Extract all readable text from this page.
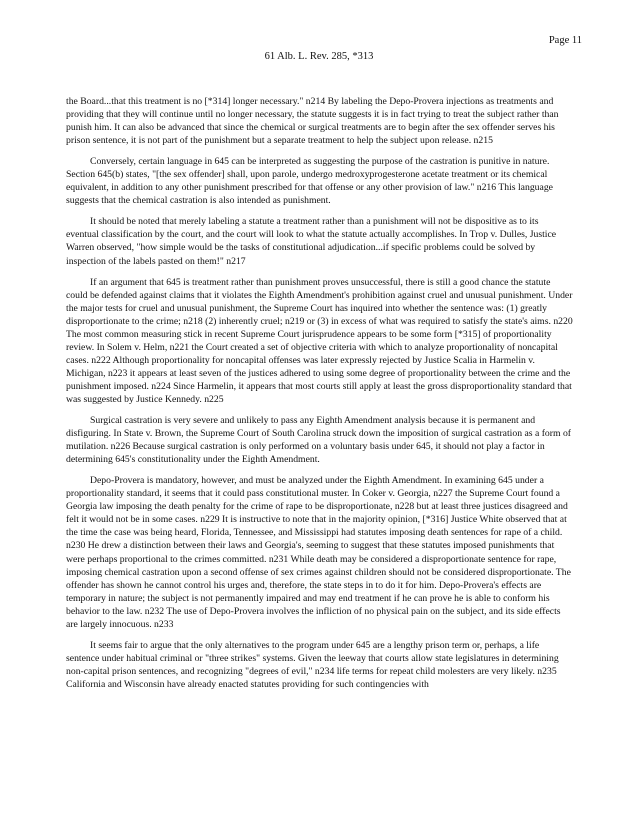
Page 11
61 Alb. L. Rev. 285, *313

the Board...that this treatment is no [*314] longer necessary." n214 By labeling the Depo-Provera injections as treatments and providing that they will continue until no longer necessary, the statute suggests it is in fact trying to treat the subject rather than punish him. It can also be advanced that since the chemical or surgical treatments are to begin after the sex offender serves his prison sentence, it is not part of the punishment but a separate treatment to help the subject upon release. n215

Conversely, certain language in 645 can be interpreted as suggesting the purpose of the castration is punitive in nature. Section 645(b) states, "[the sex offender] shall, upon parole, undergo medroxyprogesterone acetate treatment or its chemical equivalent, in addition to any other punishment prescribed for that offense or any other provision of law." n216 This language suggests that the chemical castration is also intended as punishment.

It should be noted that merely labeling a statute a treatment rather than a punishment will not be dispositive as to its eventual classification by the court, and the court will look to what the statute actually accomplishes. In Trop v. Dulles, Justice Warren observed, "how simple would be the tasks of constitutional adjudication...if specific problems could be solved by inspection of the labels pasted on them!" n217

If an argument that 645 is treatment rather than punishment proves unsuccessful, there is still a good chance the statute could be defended against claims that it violates the Eighth Amendment's prohibition against cruel and unusual punishment. Under the major tests for cruel and unusual punishment, the Supreme Court has inquired into whether the sentence was: (1) greatly disproportionate to the crime; n218 (2) inherently cruel; n219 or (3) in excess of what was required to satisfy the state's aims. n220 The most common measuring stick in recent Supreme Court jurisprudence appears to be some form [*315] of proportionality review. In Solem v. Helm, n221 the Court created a set of objective criteria with which to analyze proportionality of noncapital cases. n222 Although proportionality for noncapital offenses was later expressly rejected by Justice Scalia in Harmelin v. Michigan, n223 it appears at least seven of the justices adhered to using some degree of proportionality between the crime and the punishment imposed. n224 Since Harmelin, it appears that most courts still apply at least the gross disproportionality standard that was suggested by Justice Kennedy. n225

Surgical castration is very severe and unlikely to pass any Eighth Amendment analysis because it is permanent and disfiguring. In State v. Brown, the Supreme Court of South Carolina struck down the imposition of surgical castration as a form of mutilation. n226 Because surgical castration is only performed on a voluntary basis under 645, it should not play a factor in determining 645's constitutionality under the Eighth Amendment.

Depo-Provera is mandatory, however, and must be analyzed under the Eighth Amendment. In examining 645 under a proportionality standard, it seems that it could pass constitutional muster. In Coker v. Georgia, n227 the Supreme Court found a Georgia law imposing the death penalty for the crime of rape to be disproportionate, n228 but at least three justices disagreed and felt it would not be in some cases. n229 It is instructive to note that in the majority opinion, [*316] Justice White observed that at the time the case was being heard, Florida, Tennessee, and Mississippi had statutes imposing death sentences for rape of a child. n230 He drew a distinction between their laws and Georgia's, seeming to suggest that these statutes imposed punishments that were perhaps proportional to the crimes committed. n231 While death may be considered a disproportionate sentence for rape, imposing chemical castration upon a second offense of sex crimes against children should not be considered disproportionate. The offender has shown he cannot control his urges and, therefore, the state steps in to do it for him. Depo-Provera's effects are temporary in nature; the subject is not permanently impaired and may end treatment if he can prove he is able to conform his behavior to the law. n232 The use of Depo-Provera involves the infliction of no physical pain on the subject, and its side effects are largely innocuous. n233

It seems fair to argue that the only alternatives to the program under 645 are a lengthy prison term or, perhaps, a life sentence under habitual criminal or "three strikes" systems. Given the leeway that courts allow state legislatures in determining non-capital prison sentences, and recognizing "degrees of evil," n234 life terms for repeat child molesters are very likely. n235 California and Wisconsin have already enacted statutes providing for such contingencies with
